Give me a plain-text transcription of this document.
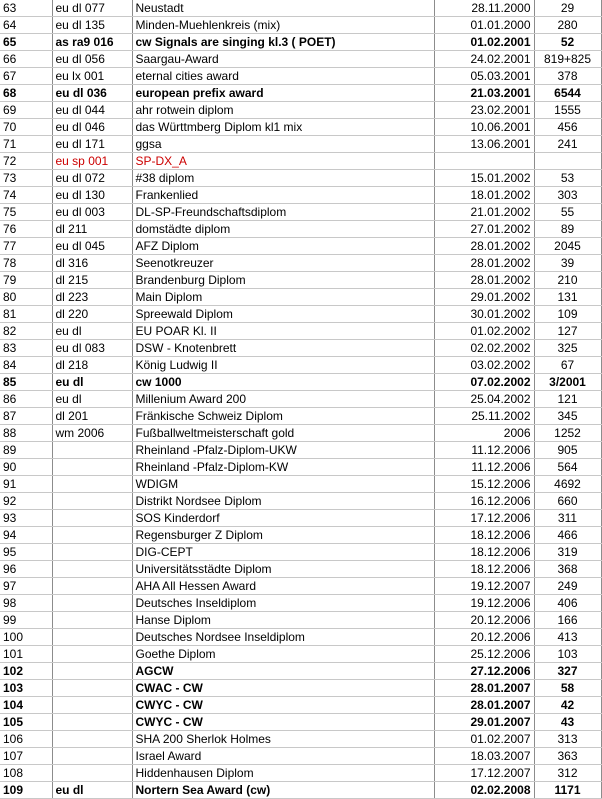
63	eu dl 077	Neustadt	28.11.2000	29
64	eu dl 135	Minden-Muehlenkreis (mix)	01.01.2000	280
65	as ra9 016	cw Signals are singing kl.3 ( POET)	01.02.2001	52
66	eu dl 056	Saargau-Award	24.02.2001	819+825
67	eu lx 001	eternal cities award	05.03.2001	378
68	eu dl 036	european prefix award	21.03.2001	6544
69	eu dl 044	ahr rotwein diplom	23.02.2001	1555
70	eu dl 046	das Württmberg Diplom kl1 mix	10.06.2001	456
71	eu dl 171	ggsa	13.06.2001	241
72	eu sp 001	SP-DX_A		
73	eu dl 072	#38 diplom	15.01.2002	53
74	eu dl 130	Frankenlied	18.01.2002	303
75	eu dl 003	DL-SP-Freundschaftsdiplom	21.01.2002	55
76	dl 211	domstädte diplom	27.01.2002	89
77	eu dl 045	AFZ Diplom	28.01.2002	2045
78	dl 316	Seenotkreuzer	28.01.2002	39
79	dl 215	Brandenburg Diplom	28.01.2002	210
80	dl 223	Main Diplom	29.01.2002	131
81	dl 220	Spreewald Diplom	30.01.2002	109
82	eu dl	EU POAR Kl. II	01.02.2002	127
83	eu dl 083	DSW - Knotenbrett	02.02.2002	325
84	dl 218	König Ludwig II	03.02.2002	67
85	eu dl	cw 1000	07.02.2002	3/2001
86	eu dl	Millenium Award 200	25.04.2002	121
87	dl 201	Fränkische Schweiz Diplom	25.11.2002	345
88	wm 2006	Fußballweltmeisterschaft gold	2006	1252
89		Rheinland -Pfalz-Diplom-UKW	11.12.2006	905
90		Rheinland -Pfalz-Diplom-KW	11.12.2006	564
91		WDIGM	15.12.2006	4692
92		Distrikt Nordsee Diplom	16.12.2006	660
93		SOS Kinderdorf	17.12.2006	311
94		Regensburger Z Diplom	18.12.2006	466
95		DIG-CEPT	18.12.2006	319
96		Universitätsstädte Diplom	18.12.2006	368
97		AHA All Hessen Award	19.12.2007	249
98		Deutsches Inseldiplom	19.12.2006	406
99		Hanse Diplom	20.12.2006	166
100		Deutsches Nordsee Inseldiplom	20.12.2006	413
101		Goethe Diplom	25.12.2006	103
102		AGCW	27.12.2006	327
103		CWAC - CW	28.01.2007	58
104		CWYC - CW	28.01.2007	42
105		CWYC - CW	29.01.2007	43
106		SHA 200 Sherlok Holmes	01.02.2007	313
107		Israel Award	18.03.2007	363
108		Hiddenhausen Diplom	17.12.2007	312
109	eu dl	Nortern Sea Award (cw)	02.02.2008	1171
